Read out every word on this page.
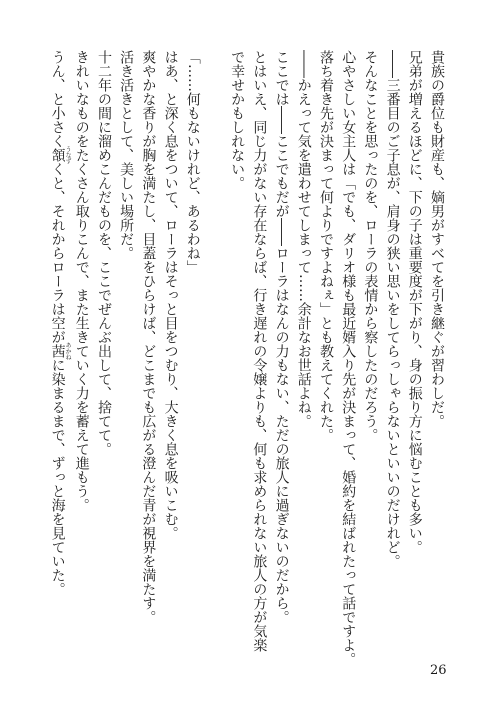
貴族の爵位も財産も、嫡男がすべてを引き継ぐが習わしだ。

兄弟が増えるほどに、下の子は重要度が下がり、身の振り方に悩むことも多い。

――三番目のご子息が、肩身の狭い思いをしてらっしゃらないといいのだけれど。

そんなことを思ったのを、ローラの表情から察したのだろう。

心やさしい女主人は「でも、ダリオ様も最近婿入り先が決まって、婚約を結ばれたって話ですよ。

落ち着き先が決まって何よりですよねぇ」とも教えてくれた。

――かえって気を遣わせてしまって……余計なお世話よね。

ここでは――ここでもだが――ローラはなんの力もない、ただの旅人に過ぎないのだから。

とはいえ、同じ力がない存在ならば、行き遅れの令嬢よりも、何も求められない旅人の方が気楽

で幸せかもしれない。

「……何もないけれど、あるわね」

はあ、と深く息をついて、ローラはそっと目をつむり、大きく息を吸いこむ。

爽やかな香りが胸を満たし、目蓋をひらけば、どこまでも広がる澄んだ青が視界を満たす。

活き活きとして、美しい場所だ。

十二年の間に溜めこんだものを、ここでぜんぶ出して、捨てて。

きれいなものをたくさん取りこんで、また生きていく力を蓄えて進もう。

うん、と小さく頷うなずくと、それからローラは空が茜あかねに染まるまで、ずっと海を見ていた。

26
